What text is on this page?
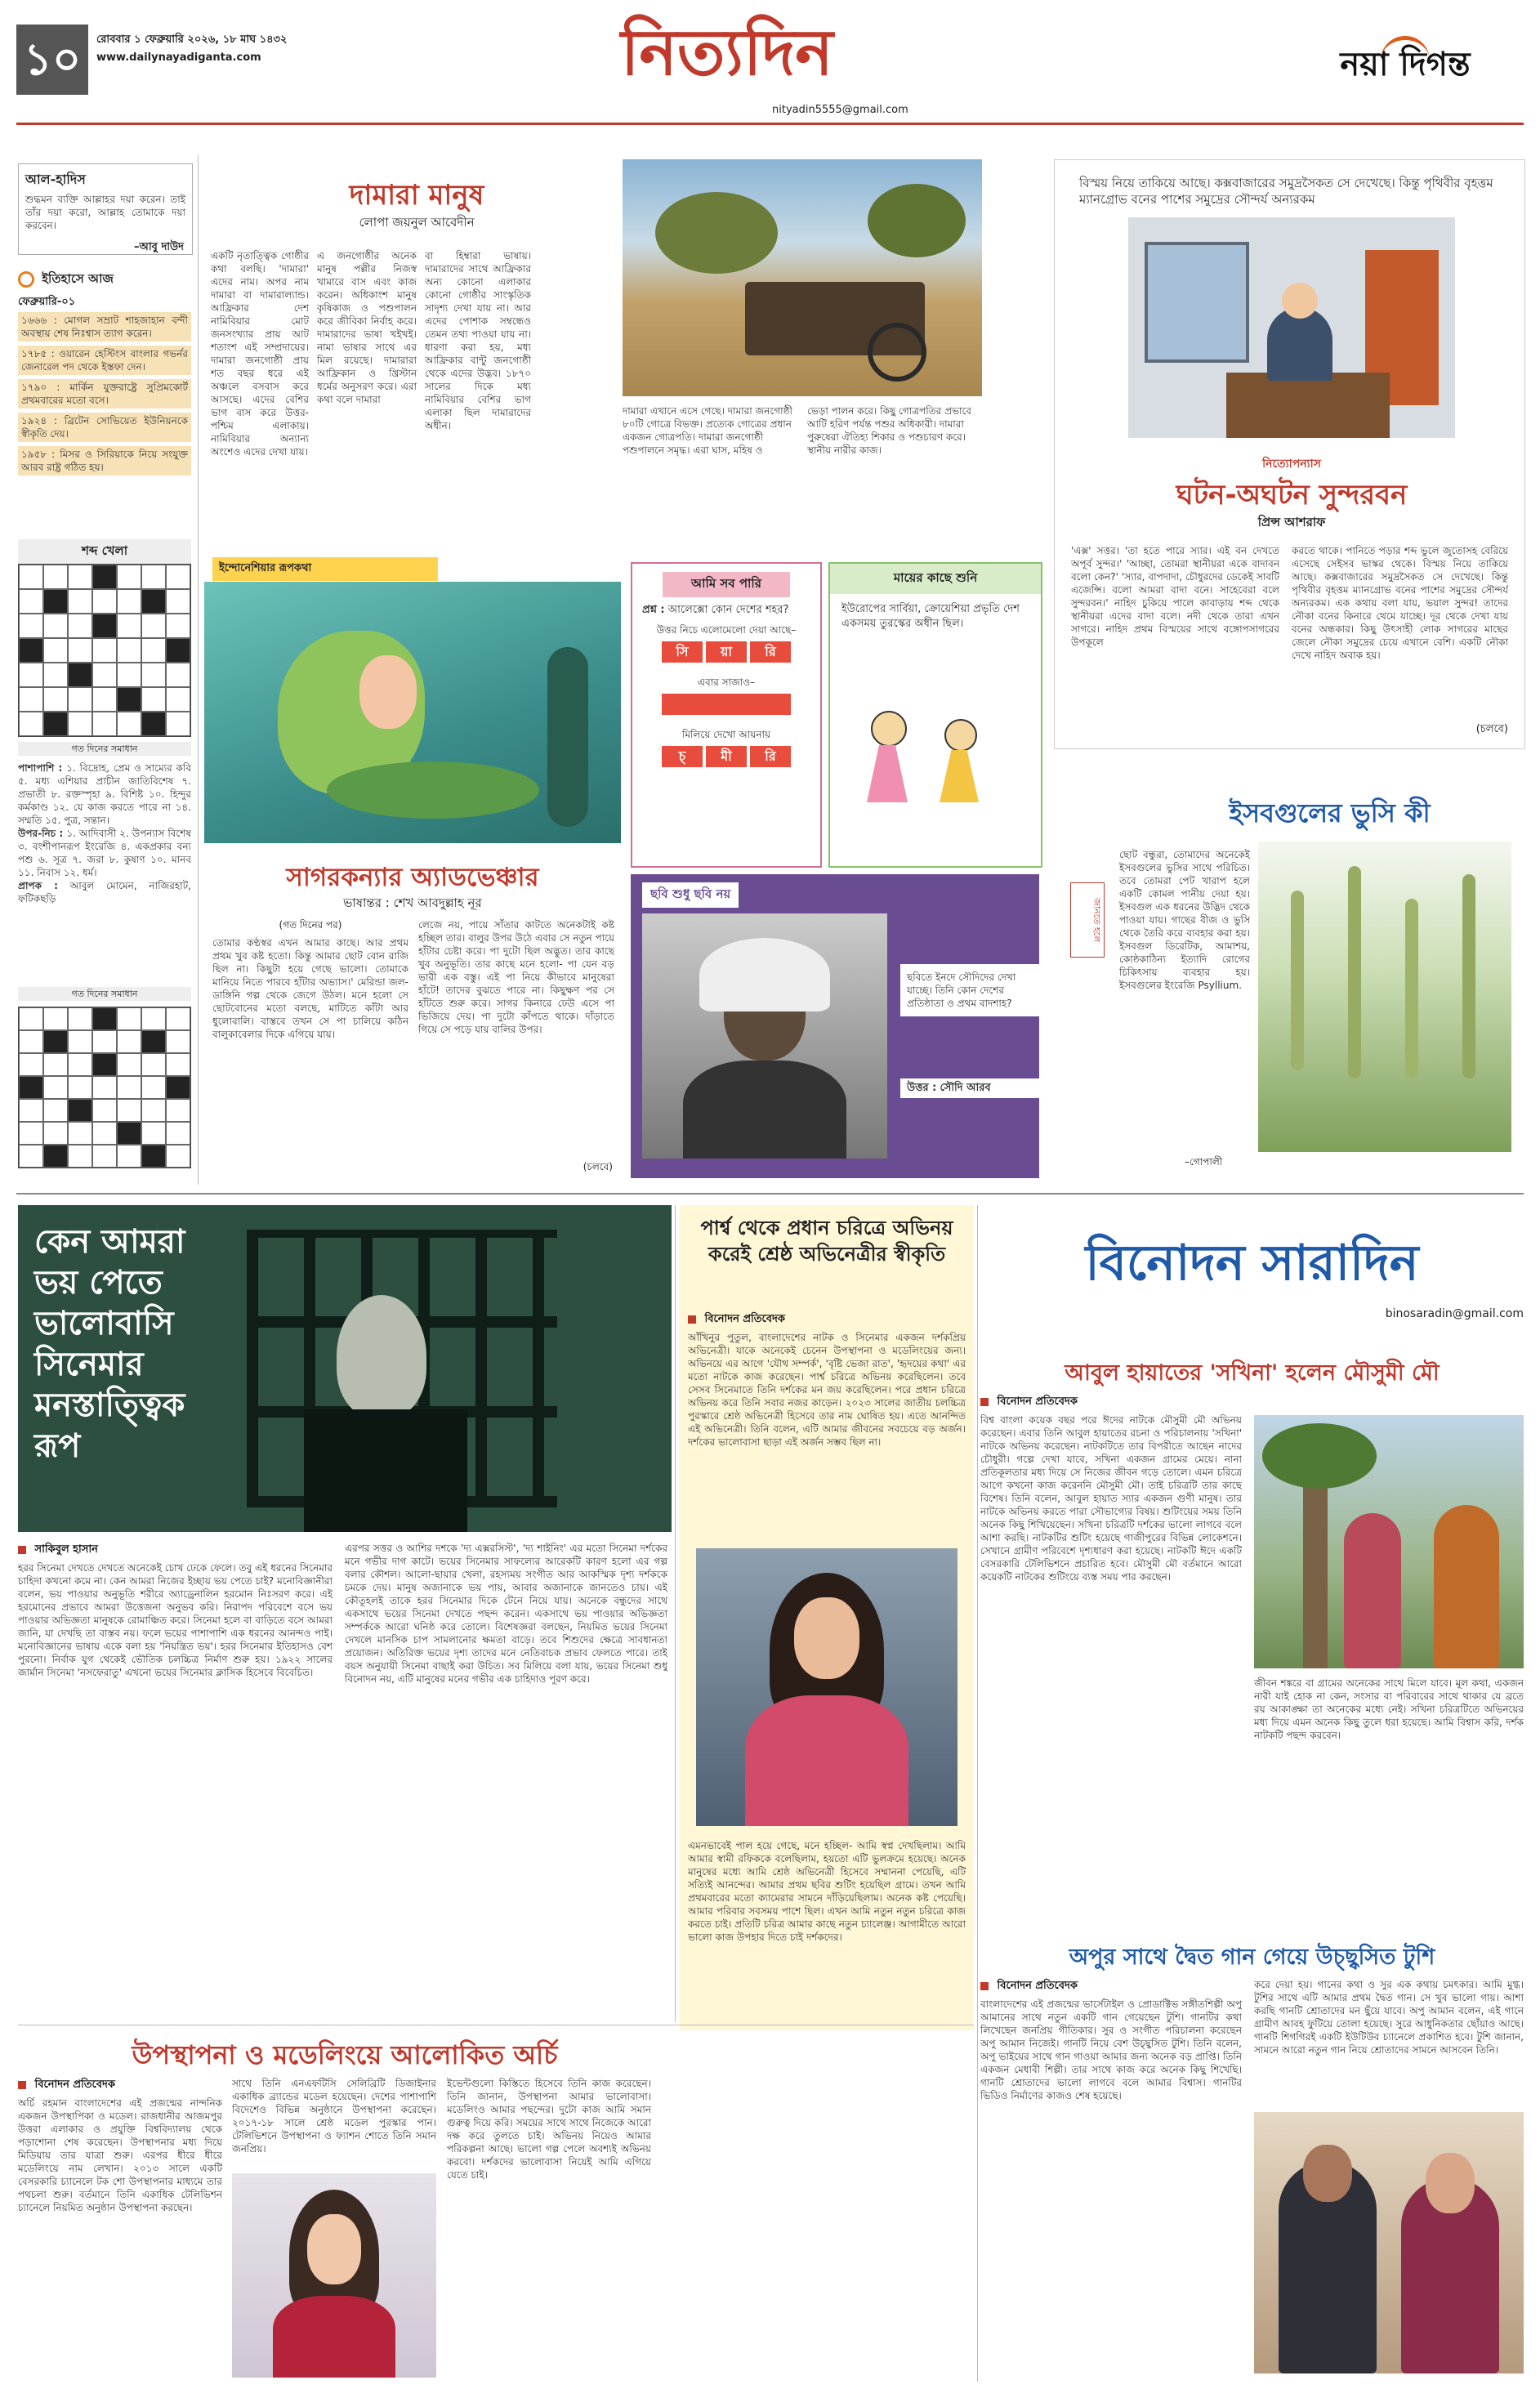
১০	রোববার ১ ফেব্রুয়ারি ২০২৬, ১৮ মাঘ ১৪৩২
www.dailynayadiganta.com	নিত্যদিন
nityadin5555@gmail.com
নয়া দিগন্ত
আল-হাদিস
শুদ্ধমন ব্যক্তি আল্লাহর দয়া করেন। তাই তাঁর দয়া করো, আল্লাহ তোমাকে দয়া করবেন।
–আবু দাউদ
ইতিহাসে আজ
ফেব্রুয়ারি-০১
১৬৬৬ : মোগল সম্রাট শাহজাহান বন্দী অবস্থায় শেষ নিঃশ্বাস ত্যাগ করেন।
১৭৮৫ : ওয়ারেন হেস্টিংস বাংলার গভর্নর জেনারেল পদ থেকে ইস্তফা দেন।
১৭৯০ : মার্কিন যুক্তরাষ্ট্রে সুপ্রিমকোর্ট প্রথমবারের মতো বসে।
১৯২৪ : ব্রিটেন সোভিয়েত ইউনিয়নকে স্বীকৃতি দেয়।
১৯৫৮ : মিসর ও সিরিয়াকে নিয়ে সংযুক্ত আরব রাষ্ট্র গঠিত হয়।
শব্দ খেলা
গত দিনের সমাধান
পাশাপাশি : ১. বিদ্রোহ, প্রেম ও সাম্যের কবি ৫. মধ্য এশিয়ার প্রাচীন জাতিবিশেষ ৭. প্রভাতী ৮. রক্তস্পৃহা ৯. বিশিষ্ট ১০. হিন্দুর কর্মকাণ্ড ১২. যে কাজ করতে পারে না ১৪. সম্মতি ১৫. পুত্র, সন্তান।
উপর-নিচ : ১. আদিবাসী ২. উপন্যাস বিশেষ ৩. বংশীপানরূপ ইংরেজি ৪. একপ্রকার বন্য পশু ৬. সূত্র ৭. জরা ৮. কুষাণ ১০. মানব ১১. নিবাস ১২. ধর্ম।
প্রাপক : আবুল মোমেন, নাজিরহাট, ফটিকছড়ি
গত দিনের সমাধান
দামারা মানুষ
লোপা জয়নুল আবেদীন
একটি নৃতাত্ত্বিক গোষ্ঠীর কথা বলছি। 'দামারা' এদের নাম। অপর নাম দামারা বা দামারাল্যান্ড। আফ্রিকার দেশ নামিবিয়ার মোট জনসংখ্যার প্রায় আট শতাংশ এই সম্প্রদায়ের। দামারা জনগোষ্ঠী প্রায় শত বছর ধরে এই অঞ্চলে বসবাস করে আসছে। এদের বেশির ভাগ বাস করে উত্তর-পশ্চিম এলাকায়। নামিবিয়ার অন্যান্য অংশেও এদের দেখা যায়।
এ জনগোষ্ঠীর অনেক মানুষ পল্লীর নিজস্ব খামারে বাস এবং কাজ করেন। অধিকাংশ মানুষ কৃষিকাজ ও পশুপালন করে জীবিকা নির্বাহ করে। দামারাদের ভাষা খইখই। নামা ভাষার সাথে এর মিল রয়েছে। দামারারা আফ্রিকান ও খ্রিস্টান ধর্মের অনুসরণ করে। এরা কথা বলে দামারা
বা হিম্বারা ভাষায়। দামারাদের সাথে আফ্রিকার অন্য কোনো এলাকার কোনো গোষ্ঠীর সাংস্কৃতিক সাদৃশ্য দেখা যায় না। আর এদের পোশাক সম্বন্ধেও তেমন তথ্য পাওয়া যায় না। ধারণা করা হয়, মধ্য আফ্রিকার বান্টু জনগোষ্ঠী থেকে এদের উদ্ভব। ১৮৭০ সালের দিকে মধ্য নামিবিয়ার বেশির ভাগ এলাকা ছিল দামারাদের অধীন।
দামারা এখানে এসে গেছে। দামারা জনগোষ্ঠী ৮০টি গোত্রে বিভক্ত। প্রত্যেক গোত্রের প্রধান একজন গোত্রপতি। দামারা জনগোষ্ঠী পশুপালনে সমৃদ্ধ। এরা ঘাস, মহিষ ও
ভেড়া পালন করে। কিছু গোত্রপতির প্রভাবে আটি হরিণ পর্যন্ত পশুর অধিকারী। দামারা পুরুষেরা ঐতিহ্য শিকার ও পশুচারণ করে। স্থানীয় নারীর কাজ।
বিস্ময় নিয়ে তাকিয়ে আছে। কক্সবাজারের সমুদ্রসৈকত সে দেখেছে। কিন্তু পৃথিবীর বৃহত্তম ম্যানগ্রোভ বনের পাশের সমুদ্রের সৌন্দর্য অন্যরকম
নিত্যোপন্যাস
ঘটন-অঘটন সুন্দরবন
প্রিন্স আশরাফ
'এক্স' সত্তর। 'তা হতে পারে স্যার। এই বন দেখতে অপূর্ব সুন্দর।' 'আচ্ছা, তোমরা স্থানীয়রা একে বাদাবন বলো কেন?' 'স্যার, বাপদাদা, চৌধুরদের ডেকেই সাবটি এজেন্সি। বলো আমরা বাদা বনে। সাহেবেরা বলে সুন্দরবন।' নাহিদ চুকিয়ে পালে কাবাড়ায় শব্দ থেকে স্থানীয়রা এদের বাদা বলে। নদী থেকে তারা এখন সাগরে। নাহিদ প্রথম বিস্ময়ের সাথে বঙ্গোপসাগরের উপকূলে
করতে থাকে। পানিতে পড়ার শব্দ ভুলে জুতোসহ বেরিয়ে এসেছে সেইসব ভাস্কর থেকে। বিস্ময় নিয়ে তাকিয়ে আছে। কক্সবাজারের সমুদ্রসৈকত সে দেখেছে। কিন্তু পৃথিবীর বৃহত্তম ম্যানগ্রোভ বনের পাশের সমুদ্রের সৌন্দর্য অন্যরকম। এক কথায় বলা যায়, ভয়াল সুন্দর! তাদের নৌকা বনের কিনারে থেমে যাচ্ছে। দূর থেকে দেখা যায় বনের অন্ধকার। কিছু উৎসাহী লোক সাগরের মাছের জেলে নৌকা সমুদ্রের চেয়ে এখানে বেশি। একটি নৌকা দেখে নাহিদ অবাক হয়।
(চলবে)
ইন্দোনেশিয়ার রূপকথা
সাগরকন্যার অ্যাডভেঞ্চার
ভাষান্তর : শেখ আবদুল্লাহ নূর
(গত দিনের পর)
তোমার কণ্ঠস্বর এখন আমার কাছে। আর প্রথম প্রথম খুব কষ্ট হতো। কিন্তু আমার ছোট বোন রাজি ছিল না। কিছুটা হয়ে গেছে ভালো। তোমাকে মানিয়ে নিতে পারবে হাঁটার অভ্যাস।' মেরিন্ডা জল-ডাঙ্গিনি গল্প থেকে জেগে উঠল। মনে হলো সে ছোটবোনের মতো বলছে, মাটিতে কাঁটা আর ধুলোবালি। বাস্তবে তখন সে পা চালিয়ে কঠিন বালুকাবেলার দিকে এগিয়ে যায়।
লেজে নয়, পায়ে সাঁতার কাটতে অনেকটাই কষ্ট হচ্ছিল তার। বালুর উপর উঠে এবার সে নতুন পায়ে হাঁটার চেষ্টা করে। পা দুটো ছিল অদ্ভুত। তার কাছে খুব অনুভূতি। তার কাছে মনে হলো- পা যেন বড় ভারী এক বস্তু। এই পা নিয়ে কীভাবে মানুষেরা হাঁটে! তাদের বুঝতে পারে না। কিছুক্ষণ পর সে হাঁটতে শুরু করে। সাগর কিনারে ঢেউ এসে পা ভিজিয়ে দেয়। পা দুটো কাঁপতে থাকে। দাঁড়াতে গিয়ে সে পড়ে যায় বালির উপর।
(চলবে)
আমি সব পারি
প্রশ্ন : আলেক্সো কোন দেশের শহর?
উত্তর নিচে এলোমেলো দেয়া আছে–
সি	য়া	রি
এবার সাজাও–
মিলিয়ে দেখো আয়নায়
চ্	মী	রি
মায়ের কাছে শুনি
ইউরোপের সার্বিয়া, ক্রোয়েশিয়া প্রভৃতি দেশ একসময় তুরস্কের অধীন ছিল।
ছবি শুধু ছবি নয়
ছবিতে ইনদে সৌদিদের দেখা যাচ্ছে। তিনি কোন দেশের প্রতিষ্ঠাতা ও প্রথম বাদশাহ?
উত্তর : সৌদি আরব
ইসবগুলের ভুসি কী
জানতে হলে
ছোট বন্ধুরা, তোমাদের অনেকেই ইসবগুলের ভুসির সাথে পরিচিত। তবে তোমরা পেট খারাপ হলে একটি কোমল পানীয় দেয়া হয়। ইসবগুল এক ধরনের উদ্ভিদ থেকে পাওয়া যায়। গাছের বীজ ও ভুসি থেকে তৈরি করে ব্যবহার করা হয়। ইসবগুল ডিরেটিক, আমাশয়, কোষ্ঠকাঠিন্য ইত্যাদি রোগের চিকিৎসায় ব্যবহার হয়। ইসবগুলের ইংরেজি Psyllium.
–গোপালী
কেন আমরা ভয় পেতে ভালোবাসি সিনেমার মনস্তাত্ত্বিক রূপ
সাকিবুল হাসান
হরর সিনেমা দেখতে দেখতে অনেকেই চোখ ঢেকে ফেলে। তবু এই ধরনের সিনেমার চাহিদা কখনো কমে না। কেন আমরা নিজের ইচ্ছায় ভয় পেতে চাই? মনোবিজ্ঞানীরা বলেন, ভয় পাওয়ার অনুভূতি শরীরে অ্যাড্রেনালিন হরমোন নিঃসরণ করে। এই হরমোনের প্রভাবে আমরা উত্তেজনা অনুভব করি। নিরাপদ পরিবেশে বসে ভয় পাওয়ার অভিজ্ঞতা মানুষকে রোমাঞ্চিত করে। সিনেমা হলে বা বাড়িতে বসে আমরা জানি, যা দেখছি তা বাস্তব নয়। ফলে ভয়ের পাশাপাশি এক ধরনের আনন্দও পাই। মনোবিজ্ঞানের ভাষায় একে বলা হয় 'নিয়ন্ত্রিত ভয়'। হরর সিনেমার ইতিহাসও বেশ পুরনো। নির্বাক যুগ থেকেই ভৌতিক চলচ্চিত্র নির্মাণ শুরু হয়। ১৯২২ সালের জার্মান সিনেমা 'নসফেরাতু' এখনো ভয়ের সিনেমার ক্লাসিক হিসেবে বিবেচিত।
এরপর সত্তর ও আশির দশকে 'দ্য এক্সরসিস্ট', 'দ্য শাইনিং' এর মতো সিনেমা দর্শকের মনে গভীর দাগ কাটে। ভয়ের সিনেমার সাফল্যের আরেকটি কারণ হলো এর গল্প বলার কৌশল। আলো-ছায়ার খেলা, রহস্যময় সংগীত আর আকস্মিক দৃশ্য দর্শককে চমকে দেয়। মানুষ অজানাকে ভয় পায়, আবার অজানাকে জানতেও চায়। এই কৌতূহলই তাকে হরর সিনেমার দিকে টেনে নিয়ে যায়। অনেকে বন্ধুদের সাথে একসাথে ভয়ের সিনেমা দেখতে পছন্দ করেন। একসাথে ভয় পাওয়ার অভিজ্ঞতা সম্পর্ককে আরো ঘনিষ্ঠ করে তোলে। বিশেষজ্ঞরা বলছেন, নিয়মিত ভয়ের সিনেমা দেখলে মানসিক চাপ সামলানোর ক্ষমতা বাড়ে। তবে শিশুদের ক্ষেত্রে সাবধানতা প্রয়োজন। অতিরিক্ত ভয়ের দৃশ্য তাদের মনে নেতিবাচক প্রভাব ফেলতে পারে। তাই বয়স অনুযায়ী সিনেমা বাছাই করা উচিত। সব মিলিয়ে বলা যায়, ভয়ের সিনেমা শুধু বিনোদন নয়, এটি মানুষের মনের গভীর এক চাহিদাও পূরণ করে।
উপস্থাপনা ও মডেলিংয়ে আলোকিত অর্চি
বিনোদন প্রতিবেদক
অর্চি রহমান বাংলাদেশের এই প্রজন্মের নান্দনিক একজন উপস্থাপিকা ও মডেল। রাজধানীর আজমপুর উত্তরা এলাকার ও প্রযুক্তি বিশ্ববিদ্যালয় থেকে পড়াশোনা শেষ করেছেন। উপস্থাপনার মধ্য দিয়ে মিডিয়ায় তার যাত্রা শুরু। এরপর ধীরে ধীরে মডেলিংয়ে নাম লেখান। ২০১৩ সালে একটি বেসরকারি চ্যানেলে টক শো উপস্থাপনার মাধ্যমে তার পথচলা শুরু। বর্তমানে তিনি একাধিক টেলিভিশন চ্যানেলে নিয়মিত অনুষ্ঠান উপস্থাপনা করছেন।
সাথে তিনি এনএফটিসি সেলিব্রিটি ডিজাইনার একাধিক ব্র্যান্ডের মডেল হয়েছেন। দেশের পাশাপাশি বিদেশেও বিভিন্ন অনুষ্ঠানে উপস্থাপনা করেছেন। ২০১৭-১৮ সালে শ্রেষ্ঠ মডেল পুরস্কার পান। টেলিভিশনে উপস্থাপনা ও ফ্যাশন শোতে তিনি সমান জনপ্রিয়।
ইভেন্টগুলো কিস্তিতে হিসেবে তিনি কাজ করেছেন। তিনি জানান, উপস্থাপনা আমার ভালোবাসা। মডেলিংও আমার পছন্দের। দুটো কাজ আমি সমান গুরুত্ব দিয়ে করি। সময়ের সাথে সাথে নিজেকে আরো দক্ষ করে তুলতে চাই। অভিনয় নিয়েও আমার পরিকল্পনা আছে। ভালো গল্প পেলে অবশ্যই অভিনয় করবো। দর্শকদের ভালোবাসা নিয়েই আমি এগিয়ে যেতে চাই।
পার্শ্ব থেকে প্রধান চরিত্রে অভিনয় করেই শ্রেষ্ঠ অভিনেত্রীর স্বীকৃতি
বিনোদন প্রতিবেদক
আঁখিনুর পুতুল, বাংলাদেশের নাটক ও সিনেমার একজন দর্শকপ্রিয় অভিনেত্রী। যাকে অনেকেই চেনেন উপস্থাপনা ও মডেলিংয়ের জন্য। অভিনয়ে এর আগে 'যৌথ সম্পর্ক', 'বৃষ্টি ভেজা রাত', 'হৃদয়ের কথা' এর মতো নাটকে কাজ করেছেন। পার্শ্ব চরিত্রে অভিনয় করেছিলেন। তবে সেসব সিনেমাতে তিনি দর্শকের মন জয় করেছিলেন। পরে প্রধান চরিত্রে অভিনয় করে তিনি সবার নজর কাড়েন। ২০২৩ সালের জাতীয় চলচ্চিত্র পুরস্কারে শ্রেষ্ঠ অভিনেত্রী হিসেবে তার নাম ঘোষিত হয়। এতে আনন্দিত এই অভিনেত্রী। তিনি বলেন, এটি আমার জীবনের সবচেয়ে বড় অর্জন। দর্শকের ভালোবাসা ছাড়া এই অর্জন সম্ভব ছিল না।
এমনভাবেই পাল হয়ে গেছে, মনে হচ্ছিল- আমি স্বপ্ন দেখছিলাম। আমি আমার স্বামী রফিককে বলেছিলাম, হয়তো এটি ভুলক্রমে হয়েছে। অনেক মানুষের মধ্যে আমি শ্রেষ্ঠ অভিনেত্রী হিসেবে সম্মাননা পেয়েছি, এটি সত্যিই আনন্দের। আমার প্রথম ছবির শুটিং হয়েছিল গ্রামে। তখন আমি প্রথমবারের মতো ক্যামেরার সামনে দাঁড়িয়েছিলাম। অনেক কষ্ট পেয়েছি। আমার পরিবার সবসময় পাশে ছিল। এখন আমি নতুন নতুন চরিত্রে কাজ করতে চাই। প্রতিটি চরিত্র আমার কাছে নতুন চ্যালেঞ্জ। আগামীতে আরো ভালো কাজ উপহার দিতে চাই দর্শকদের।
বিনোদন সারাদিন
binosaradin@gmail.com
আবুল হায়াতের 'সখিনা' হলেন মৌসুমী মৌ
বিনোদন প্রতিবেদক
বিশ্ব বাংলা কয়েক বছর পরে ঈদের নাটকে মৌসুমী মৌ অভিনয় করেছেন। এবার তিনি আবুল হায়াতের রচনা ও পরিচালনায় 'সখিনা' নাটকে অভিনয় করেছেন। নাটকটিতে তার বিপরীতে আছেন নাদের চৌধুরী। গল্পে দেখা যাবে, সখিনা একজন গ্রামের মেয়ে। নানা প্রতিকূলতার মধ্য দিয়ে সে নিজের জীবন গড়ে তোলে। এমন চরিত্রে আগে কখনো কাজ করেননি মৌসুমী মৌ। তাই চরিত্রটি তার কাছে বিশেষ। তিনি বলেন, আবুল হায়াত স্যার একজন গুণী মানুষ। তার নাটকে অভিনয় করতে পারা সৌভাগ্যের বিষয়। শুটিংয়ের সময় তিনি অনেক কিছু শিখিয়েছেন। সখিনা চরিত্রটি দর্শকের ভালো লাগবে বলে আশা করছি। নাটকটির শুটিং হয়েছে গাজীপুরের বিভিন্ন লোকেশনে। সেখানে গ্রামীণ পরিবেশে দৃশ্যধারণ করা হয়েছে। নাটকটি ঈদে একটি বেসরকারি টেলিভিশনে প্রচারিত হবে। মৌসুমী মৌ বর্তমানে আরো কয়েকটি নাটকের শুটিংয়ে ব্যস্ত সময় পার করছেন।
জীবন শঙ্করে বা গ্রামের অনেকের সাথে মিলে যাবে। মূল কথা, একজন নারী যাই হোক না কেন, সংসার বা পরিবারের সাথে থাকার যে ব্রতে রয় আকাঙ্ক্ষা তা অনেকের মধ্যে নেই। সখিনা চরিত্রটিতে অভিনয়ের মধ্য দিয়ে এমন অনেক কিছু তুলে ধরা হয়েছে। আমি বিশ্বাস করি, দর্শক নাটকটি পছন্দ করবেন।
অপুর সাথে দ্বৈত গান গেয়ে উচ্ছ্বসিত টুশি
বিনোদন প্রতিবেদক
বাংলাদেশের এই প্রজন্মের ভার্সেটাইল ও প্রোডাক্টিভ সঙ্গীতশিল্পী অপু আমানের সাথে নতুন একটি গান গেয়েছেন টুশি। গানটির কথা লিখেছেন জনপ্রিয় গীতিকার। সুর ও সংগীত পরিচালনা করেছেন অপু আমান নিজেই। গানটি নিয়ে বেশ উচ্ছ্বসিত টুশি। তিনি বলেন, অপু ভাইয়ের সাথে গান গাওয়া আমার জন্য অনেক বড় প্রাপ্তি। তিনি একজন মেধাবী শিল্পী। তার সাথে কাজ করে অনেক কিছু শিখেছি। গানটি শ্রোতাদের ভালো লাগবে বলে আমার বিশ্বাস। গানটির ভিডিও নির্মাণের কাজও শেষ হয়েছে।
করে দেয়া হয়। গানের কথা ও সুর এক কথায় চমৎকার। আমি মুগ্ধ। টুশির সাথে এটি আমার প্রথম দ্বৈত গান। সে খুব ভালো গায়। আশা করছি গানটি শ্রোতাদের মন ছুঁয়ে যাবে। অপু আমান বলেন, এই গানে গ্রামীণ আবহ ফুটিয়ে তোলা হয়েছে। সুরে আধুনিকতার ছোঁয়াও আছে। গানটি শিগগিরই একটি ইউটিউব চ্যানেলে প্রকাশিত হবে। টুশি জানান, সামনে আরো নতুন গান নিয়ে শ্রোতাদের সামনে আসবেন তিনি।
